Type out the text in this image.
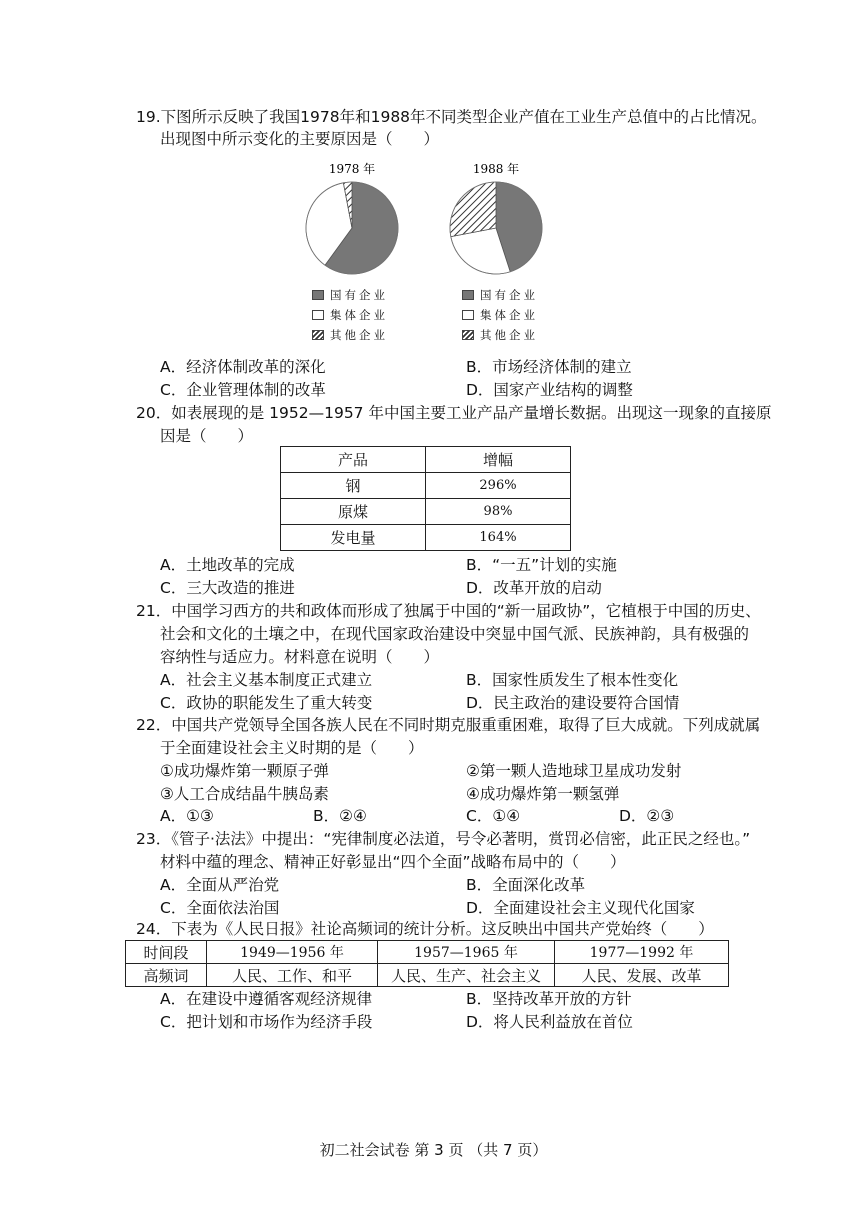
19.下图所示反映了我国1978年和1988年不同类型企业产值在工业生产总值中的占比情况。
出现图中所示变化的主要原因是（　　）
1978 年	1988 年
国有企业
集体企业
其他企业
国有企业
集体企业
其他企业
A．经济体制改革的深化	B．市场经济体制的建立
C．企业管理体制的改革	D．国家产业结构的调整
20．如表展现的是 1952—1957 年中国主要工业产品产量增长数据。出现这一现象的直接原
因是（　　）
产品	增幅
钢	296%
原煤	98%
发电量	164%
A．土地改革的完成	B．“一五”计划的实施
C．三大改造的推进	D．改革开放的启动
21．中国学习西方的共和政体而形成了独属于中国的“新一届政协”，它植根于中国的历史、
社会和文化的土壤之中，在现代国家政治建设中突显中国气派、民族神韵，具有极强的
容纳性与适应力。材料意在说明（　　）
A．社会主义基本制度正式建立	B．国家性质发生了根本性变化
C．政协的职能发生了重大转变	D．民主政治的建设要符合国情
22．中国共产党领导全国各族人民在不同时期克服重重困难，取得了巨大成就。下列成就属
于全面建设社会主义时期的是（　　）
①成功爆炸第一颗原子弹	②第一颗人造地球卫星成功发射
③人工合成结晶牛胰岛素	④成功爆炸第一颗氢弹
A．①③	B．②④	C．①④	D．②③
23．《管子·法法》中提出：“宪律制度必法道，号令必著明，赏罚必信密，此正民之经也。”
材料中蕴的理念、精神正好彰显出“四个全面”战略布局中的（　　）
A．全面从严治党	B．全面深化改革
C．全面依法治国	D．全面建设社会主义现代化国家
24．下表为《人民日报》社论高频词的统计分析。这反映出中国共产党始终（　　）
时间段	1949—1956 年	1957—1965 年	1977—1992 年
高频词	人民、工作、和平	人民、生产、社会主义	人民、发展、改革
A．在建设中遵循客观经济规律	B．坚持改革开放的方针
C．把计划和市场作为经济手段	D．将人民利益放在首位
初二社会试卷 第 3 页 （共 7 页）
